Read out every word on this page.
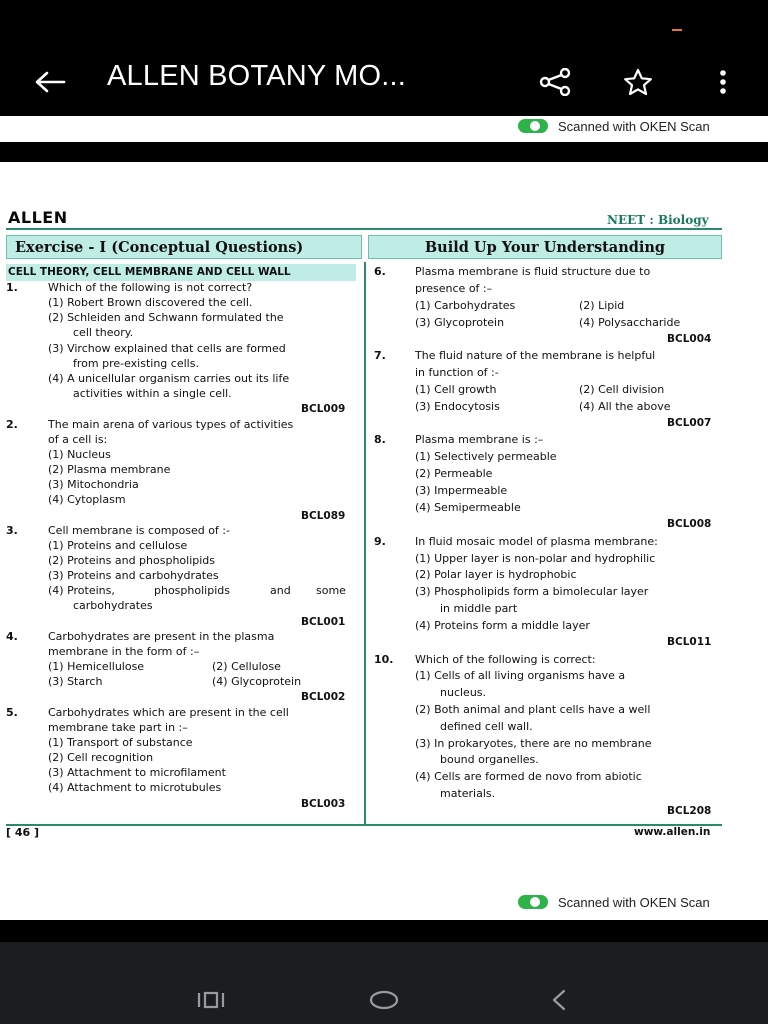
ALLEN BOTANY MO...
Scanned with OKEN Scan
ALLEN	NEET : Biology
Exercise - I (Conceptual Questions)	Build Up Your Understanding
CELL THEORY, CELL MEMBRANE AND CELL WALL
1.	Which of the following is not correct?
(1) Robert Brown discovered the cell.
(2) Schleiden and Schwann formulated the
cell theory.
(3) Virchow explained that cells are formed
from pre-existing cells.
(4) A unicellular organism carries out its life
activities within a single cell.
BCL009
2.	The main arena of various types of activities
of a cell is:
(1) Nucleus
(2) Plasma membrane
(3) Mitochondria
(4) Cytoplasm
BCL089
3.	Cell membrane is composed of :-
(1) Proteins and cellulose
(2) Proteins and phospholipids
(3) Proteins and carbohydrates
(4) Proteins,	phospholipids	and some
carbohydrates
BCL001
4.	Carbohydrates are present in the plasma
membrane in the form of :–
(1) Hemicellulose	(2) Cellulose
(3) Starch	(4) Glycoprotein
BCL002
5.	Carbohydrates which are present in the cell
membrane take part in :–
(1) Transport of substance
(2) Cell recognition
(3) Attachment to microfilament
(4) Attachment to microtubules
BCL003
6.	Plasma membrane is fluid structure due to
presence of :–
(1) Carbohydrates	(2) Lipid
(3) Glycoprotein	(4) Polysaccharide
BCL004
7.	The fluid nature of the membrane is helpful
in function of :-
(1) Cell growth	(2) Cell division
(3) Endocytosis	(4) All the above
BCL007
8.	Plasma membrane is :–
(1) Selectively permeable
(2) Permeable
(3) Impermeable
(4) Semipermeable
BCL008
9.	In fluid mosaic model of plasma membrane:
(1) Upper layer is non-polar and hydrophilic
(2) Polar layer is hydrophobic
(3) Phospholipids form a bimolecular layer
in middle part
(4) Proteins form a middle layer
BCL011
10. Which of the following is correct:
(1) Cells of all living organisms have a
nucleus.
(2) Both animal and plant cells have a well
defined cell wall.
(3) In prokaryotes, there are no membrane
bound organelles.
(4) Cells are formed de novo from abiotic
materials.
BCL208
[ 46 ]	www.allen.in
Scanned with OKEN Scan
